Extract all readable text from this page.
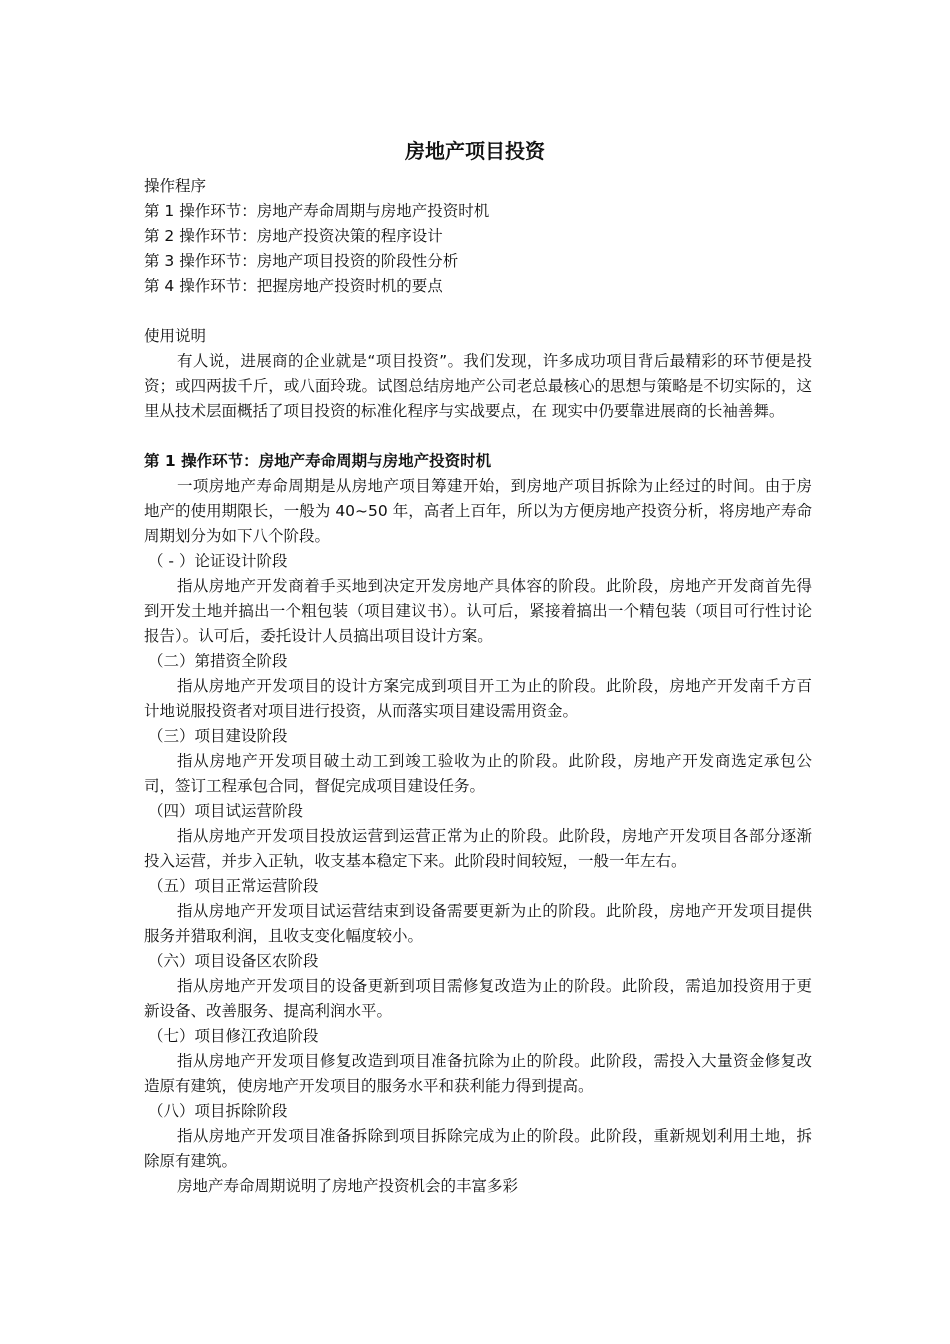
房地产项目投资

操作程序

第 1 操作环节：房地产寿命周期与房地产投资时机

第 2 操作环节：房地产投资决策的程序设计

第 3 操作环节：房地产项目投资的阶段性分析

第 4 操作环节：把握房地产投资时机的要点

使用说明

有人说，进展商的企业就是“项目投资”。我们发现，许多成功项目背后最精彩的环节便是投资；或四两拔千斤，或八面玲珑。试图总结房地产公司老总最核心的思想与策略是不切实际的，这里从技术层面概括了项目投资的标准化程序与实战要点，在 现实中仍要靠进展商的长袖善舞。

第 1 操作环节：房地产寿命周期与房地产投资时机

一项房地产寿命周期是从房地产项目筹建开始，到房地产项目拆除为止经过的时间。由于房地产的使用期限长，一般为 40~50 年，高者上百年，所以为方便房地产投资分析，将房地产寿命周期划分为如下八个阶段。

（ - ）论证设计阶段

指从房地产开发商着手买地到决定开发房地产具体容的阶段。此阶段，房地产开发商首先得到开发土地并搞出一个粗包装（项目建议书）。认可后，紧接着搞出一个精包装（项目可行性讨论报告）。认可后，委托设计人员搞出项目设计方案。

（二）第措资全阶段

指从房地产开发项目的设计方案完成到项目开工为止的阶段。此阶段，房地产开发南千方百计地说服投资者对项目进行投资，从而落实项目建设需用资金。

（三）项目建设阶段

指从房地产开发项目破土动工到竣工验收为止的阶段。此阶段，房地产开发商选定承包公司，签订工程承包合同，督促完成项目建设任务。

（四）项目试运营阶段

指从房地产开发项目投放运营到运营正常为止的阶段。此阶段，房地产开发项目各部分逐渐投入运营，并步入正轨，收支基本稳定下来。此阶段时间较短，一般一年左右。

（五）项目正常运营阶段

指从房地产开发项目试运营结束到设备需要更新为止的阶段。此阶段，房地产开发项目提供服务并猎取利润，且收支变化幅度较小。

（六）项目设备区农阶段

指从房地产开发项目的设备更新到项目需修复改造为止的阶段。此阶段，需追加投资用于更新设备、改善服务、提高利润水平。

（七）项目修江孜追阶段

指从房地产开发项目修复改造到项目准备抗除为止的阶段。此阶段，需投入大量资金修复改造原有建筑，使房地产开发项目的服务水平和获利能力得到提高。

（八）项目拆除阶段

指从房地产开发项目准备拆除到项目拆除完成为止的阶段。此阶段，重新规划利用土地，拆除原有建筑。

房地产寿命周期说明了房地产投资机会的丰富多彩
